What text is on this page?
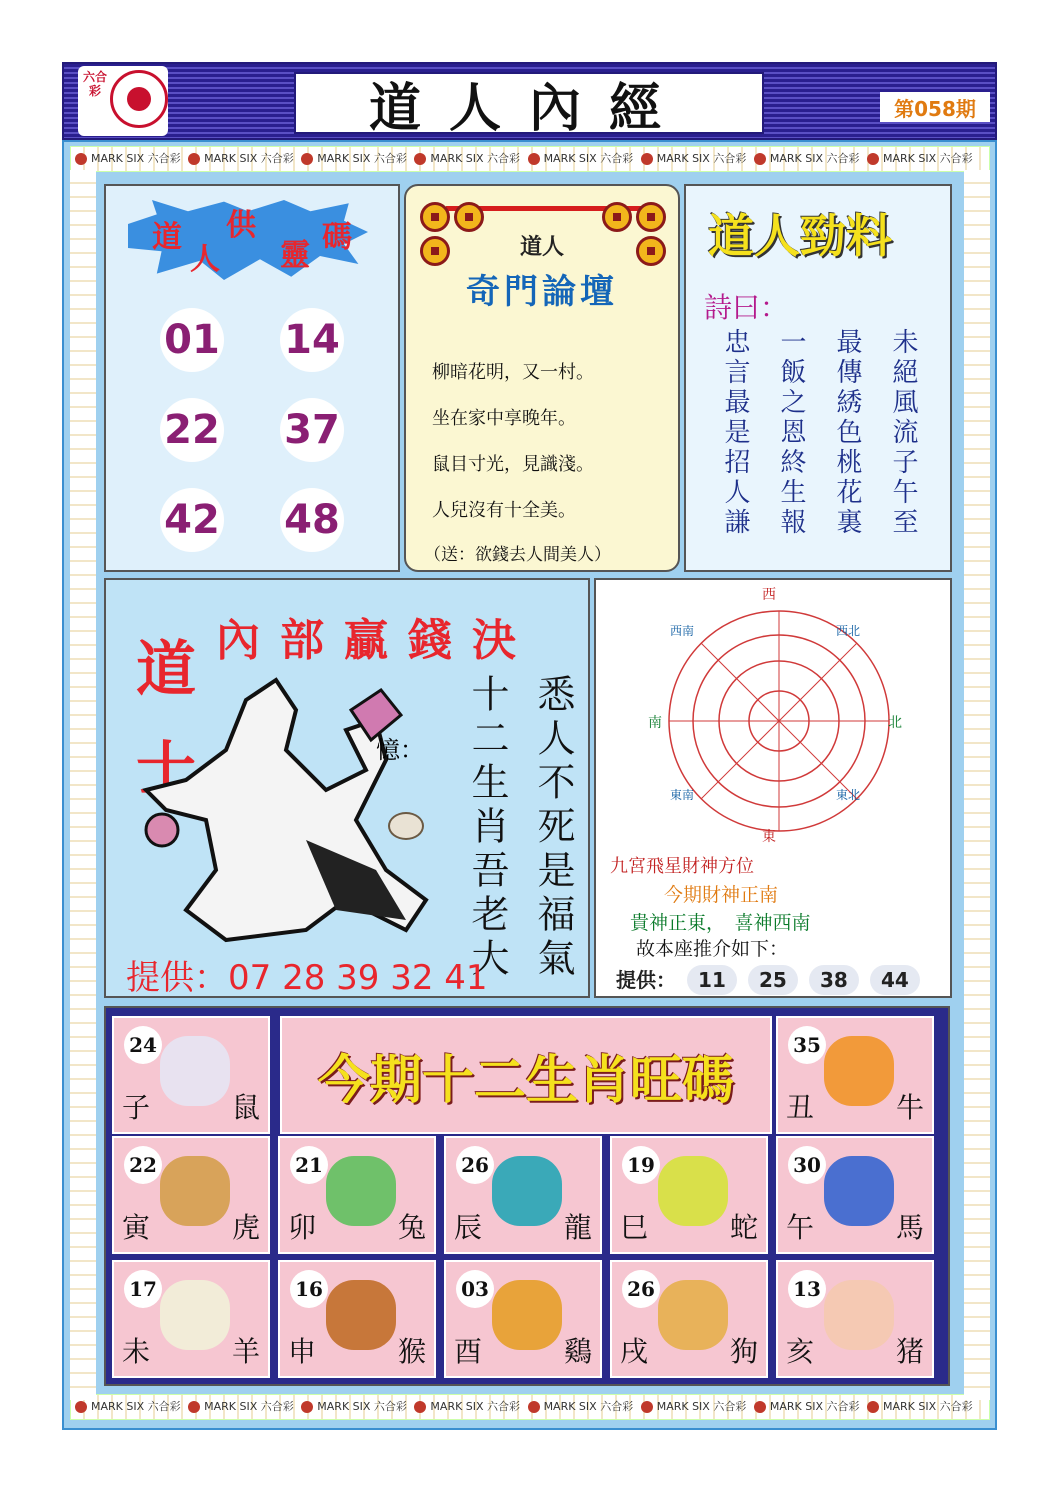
道人內經
六合彩
第058期
MARK SIX 六合彩 MARK SIX 六合彩 MARK SIX 六合彩 MARK SIX 六合彩 MARK SIX 六合彩 MARK SIX 六合彩 MARK SIX 六合彩 MARK SIX 六合彩
MARK SIX 六合彩 MARK SIX 六合彩 MARK SIX 六合彩 MARK SIX 六合彩 MARK SIX 六合彩 MARK SIX 六合彩 MARK SIX 六合彩 MARK SIX 六合彩
道
人
供
靈
碼
01 14
22 37
42 48
道人
奇門論壇
柳暗花明，又一村。
坐在家中享晚年。
鼠目寸光，見識淺。
人兒沒有十全美。
（送：欲錢去人間美人）
道人勁料
詩曰：
未絕風流子午至
最傳綉色桃花裏
一飯之恩終生報
忠言最是招人謙
內部贏錢決
道
士	憶： 十二生肖吾老大 悉人不死是福氣
提供：07 28 39 32 41
西
東
南	北
西南	西北
東南	東北
九宮飛星財神方位
今期財神正南
貴神正東，　喜神西南
故本座推介如下：
提供： 11 25 38 44
今期十二生肖旺碼
24
子	鼠
35
丑	牛
22
寅	虎
21
卯	兔
26
辰	龍
19
巳	蛇
30
午	馬
17
未	羊
16
申	猴
03
酉	鷄
26
戌	狗
13
亥	猪
